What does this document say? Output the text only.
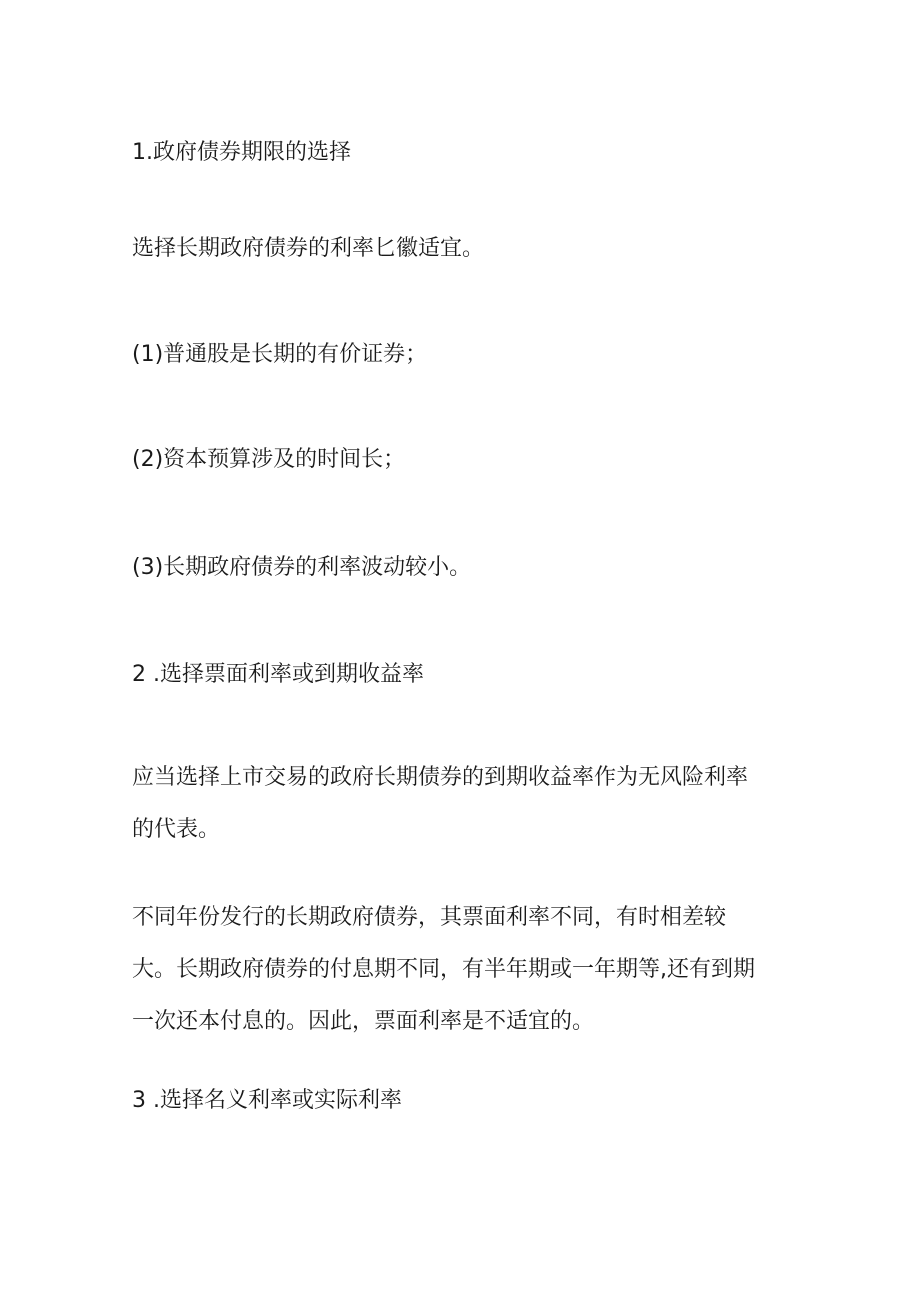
1.政府债券期限的选择
选择长期政府债券的利率匕徽适宜。
(1)普通股是长期的有价证券；
(2)资本预算涉及的时间长；
(3)长期政府债券的利率波动较小。
2 .选择票面利率或到期收益率
应当选择上市交易的政府长期债券的到期收益率作为无风险利率
的代表。
不同年份发行的长期政府债券，其票面利率不同，有时相差较
大。长期政府债券的付息期不同，有半年期或一年期等,还有到期
一次还本付息的。因此，票面利率是不适宜的。
3 .选择名义利率或实际利率
